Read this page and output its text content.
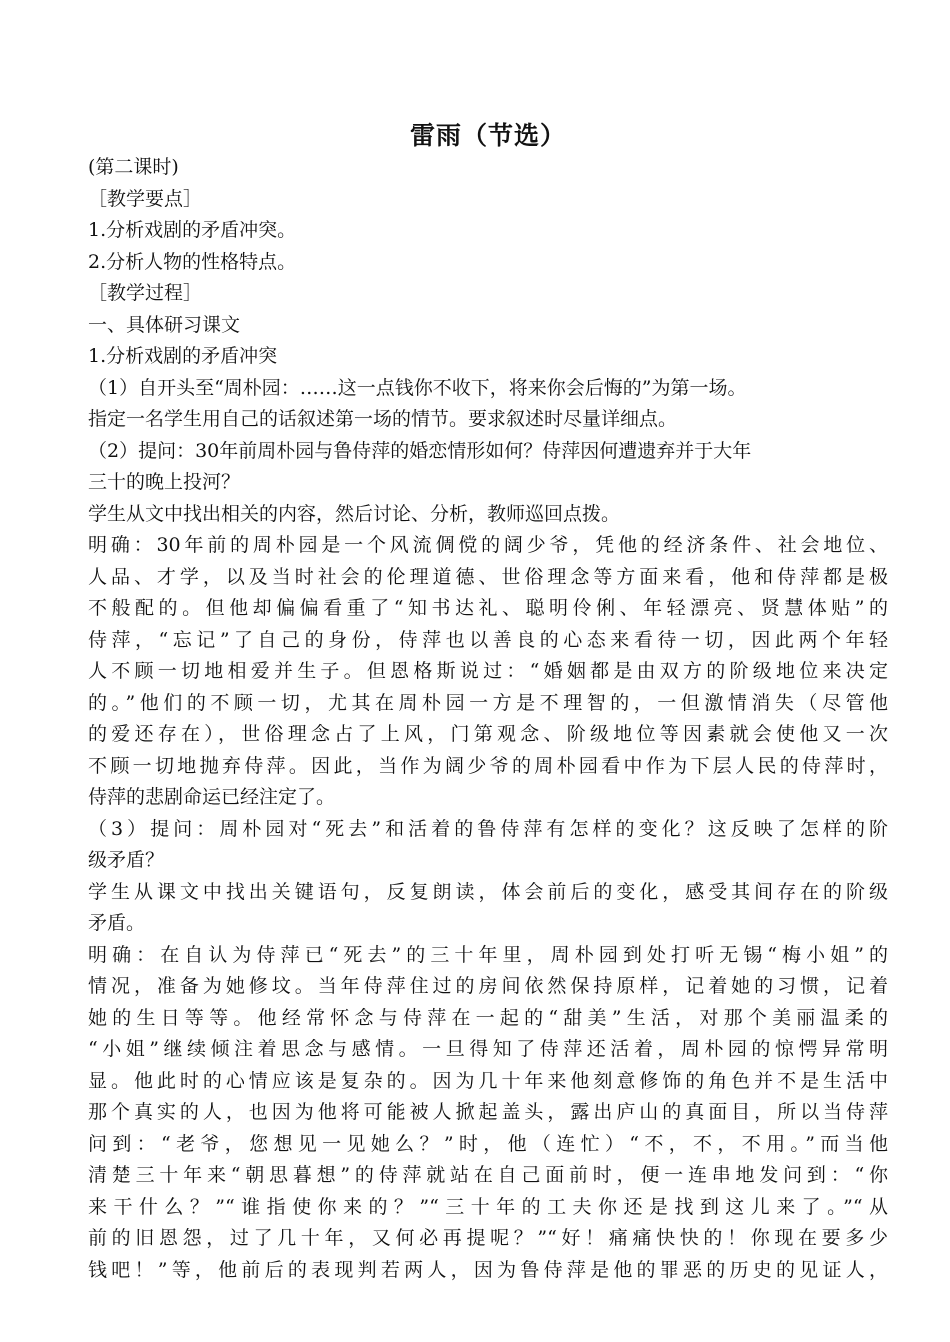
雷雨（节选）

(第二课时)

［教学要点］

1.分析戏剧的矛盾冲突。

2.分析人物的性格特点。

［教学过程］

一、具体研习课文

1.分析戏剧的矛盾冲突

（1）自开头至“周朴园：……这一点钱你不收下，将来你会后悔的”为第一场。

指定一名学生用自己的话叙述第一场的情节。要求叙述时尽量详细点。

（2）提问：30年前周朴园与鲁侍萍的婚恋情形如何？侍萍因何遭遗弃并于大年

三十的晚上投河？

学生从文中找出相关的内容，然后讨论、分析，教师巡回点拨。

明确：30年前的周朴园是一个风流倜傥的阔少爷，凭他的经济条件、社会地位、

人品、才学，以及当时社会的伦理道德、世俗理念等方面来看，他和侍萍都是极

不般配的。但他却偏偏看重了“知书达礼、聪明伶俐、年轻漂亮、贤慧体贴”的

侍萍，“忘记”了自己的身份，侍萍也以善良的心态来看待一切，因此两个年轻

人不顾一切地相爱并生子。但恩格斯说过：“婚姻都是由双方的阶级地位来决定

的。”他们的不顾一切，尤其在周朴园一方是不理智的，一但激情消失（尽管他

的爱还存在），世俗理念占了上风，门第观念、阶级地位等因素就会使他又一次

不顾一切地抛弃侍萍。因此，当作为阔少爷的周朴园看中作为下层人民的侍萍时，

侍萍的悲剧命运已经注定了。

（3）提问：周朴园对“死去”和活着的鲁侍萍有怎样的变化？这反映了怎样的阶

级矛盾？

学生从课文中找出关键语句，反复朗读，体会前后的变化，感受其间存在的阶级

矛盾。

明确：在自认为侍萍已“死去”的三十年里，周朴园到处打听无锡“梅小姐”的

情况，准备为她修坟。当年侍萍住过的房间依然保持原样，记着她的习惯，记着

她的生日等等。他经常怀念与侍萍在一起的“甜美”生活，对那个美丽温柔的

“小姐”继续倾注着思念与感情。一旦得知了侍萍还活着，周朴园的惊愕异常明

显。他此时的心情应该是复杂的。因为几十年来他刻意修饰的角色并不是生活中

那个真实的人，也因为他将可能被人掀起盖头，露出庐山的真面目，所以当侍萍

问到：“老爷，您想见一见她么？”时，他（连忙）“不，不，不用。”而当他

清楚三十年来“朝思暮想”的侍萍就站在自己面前时，便一连串地发问到：“你

来干什么？”“谁指使你来的？”“三十年的工夫你还是找到这儿来了。”“从

前的旧恩怨，过了几十年，又何必再提呢？”“好！痛痛快快的！你现在要多少

钱吧！”等，他前后的表现判若两人，因为鲁侍萍是他的罪恶的历史的见证人，
